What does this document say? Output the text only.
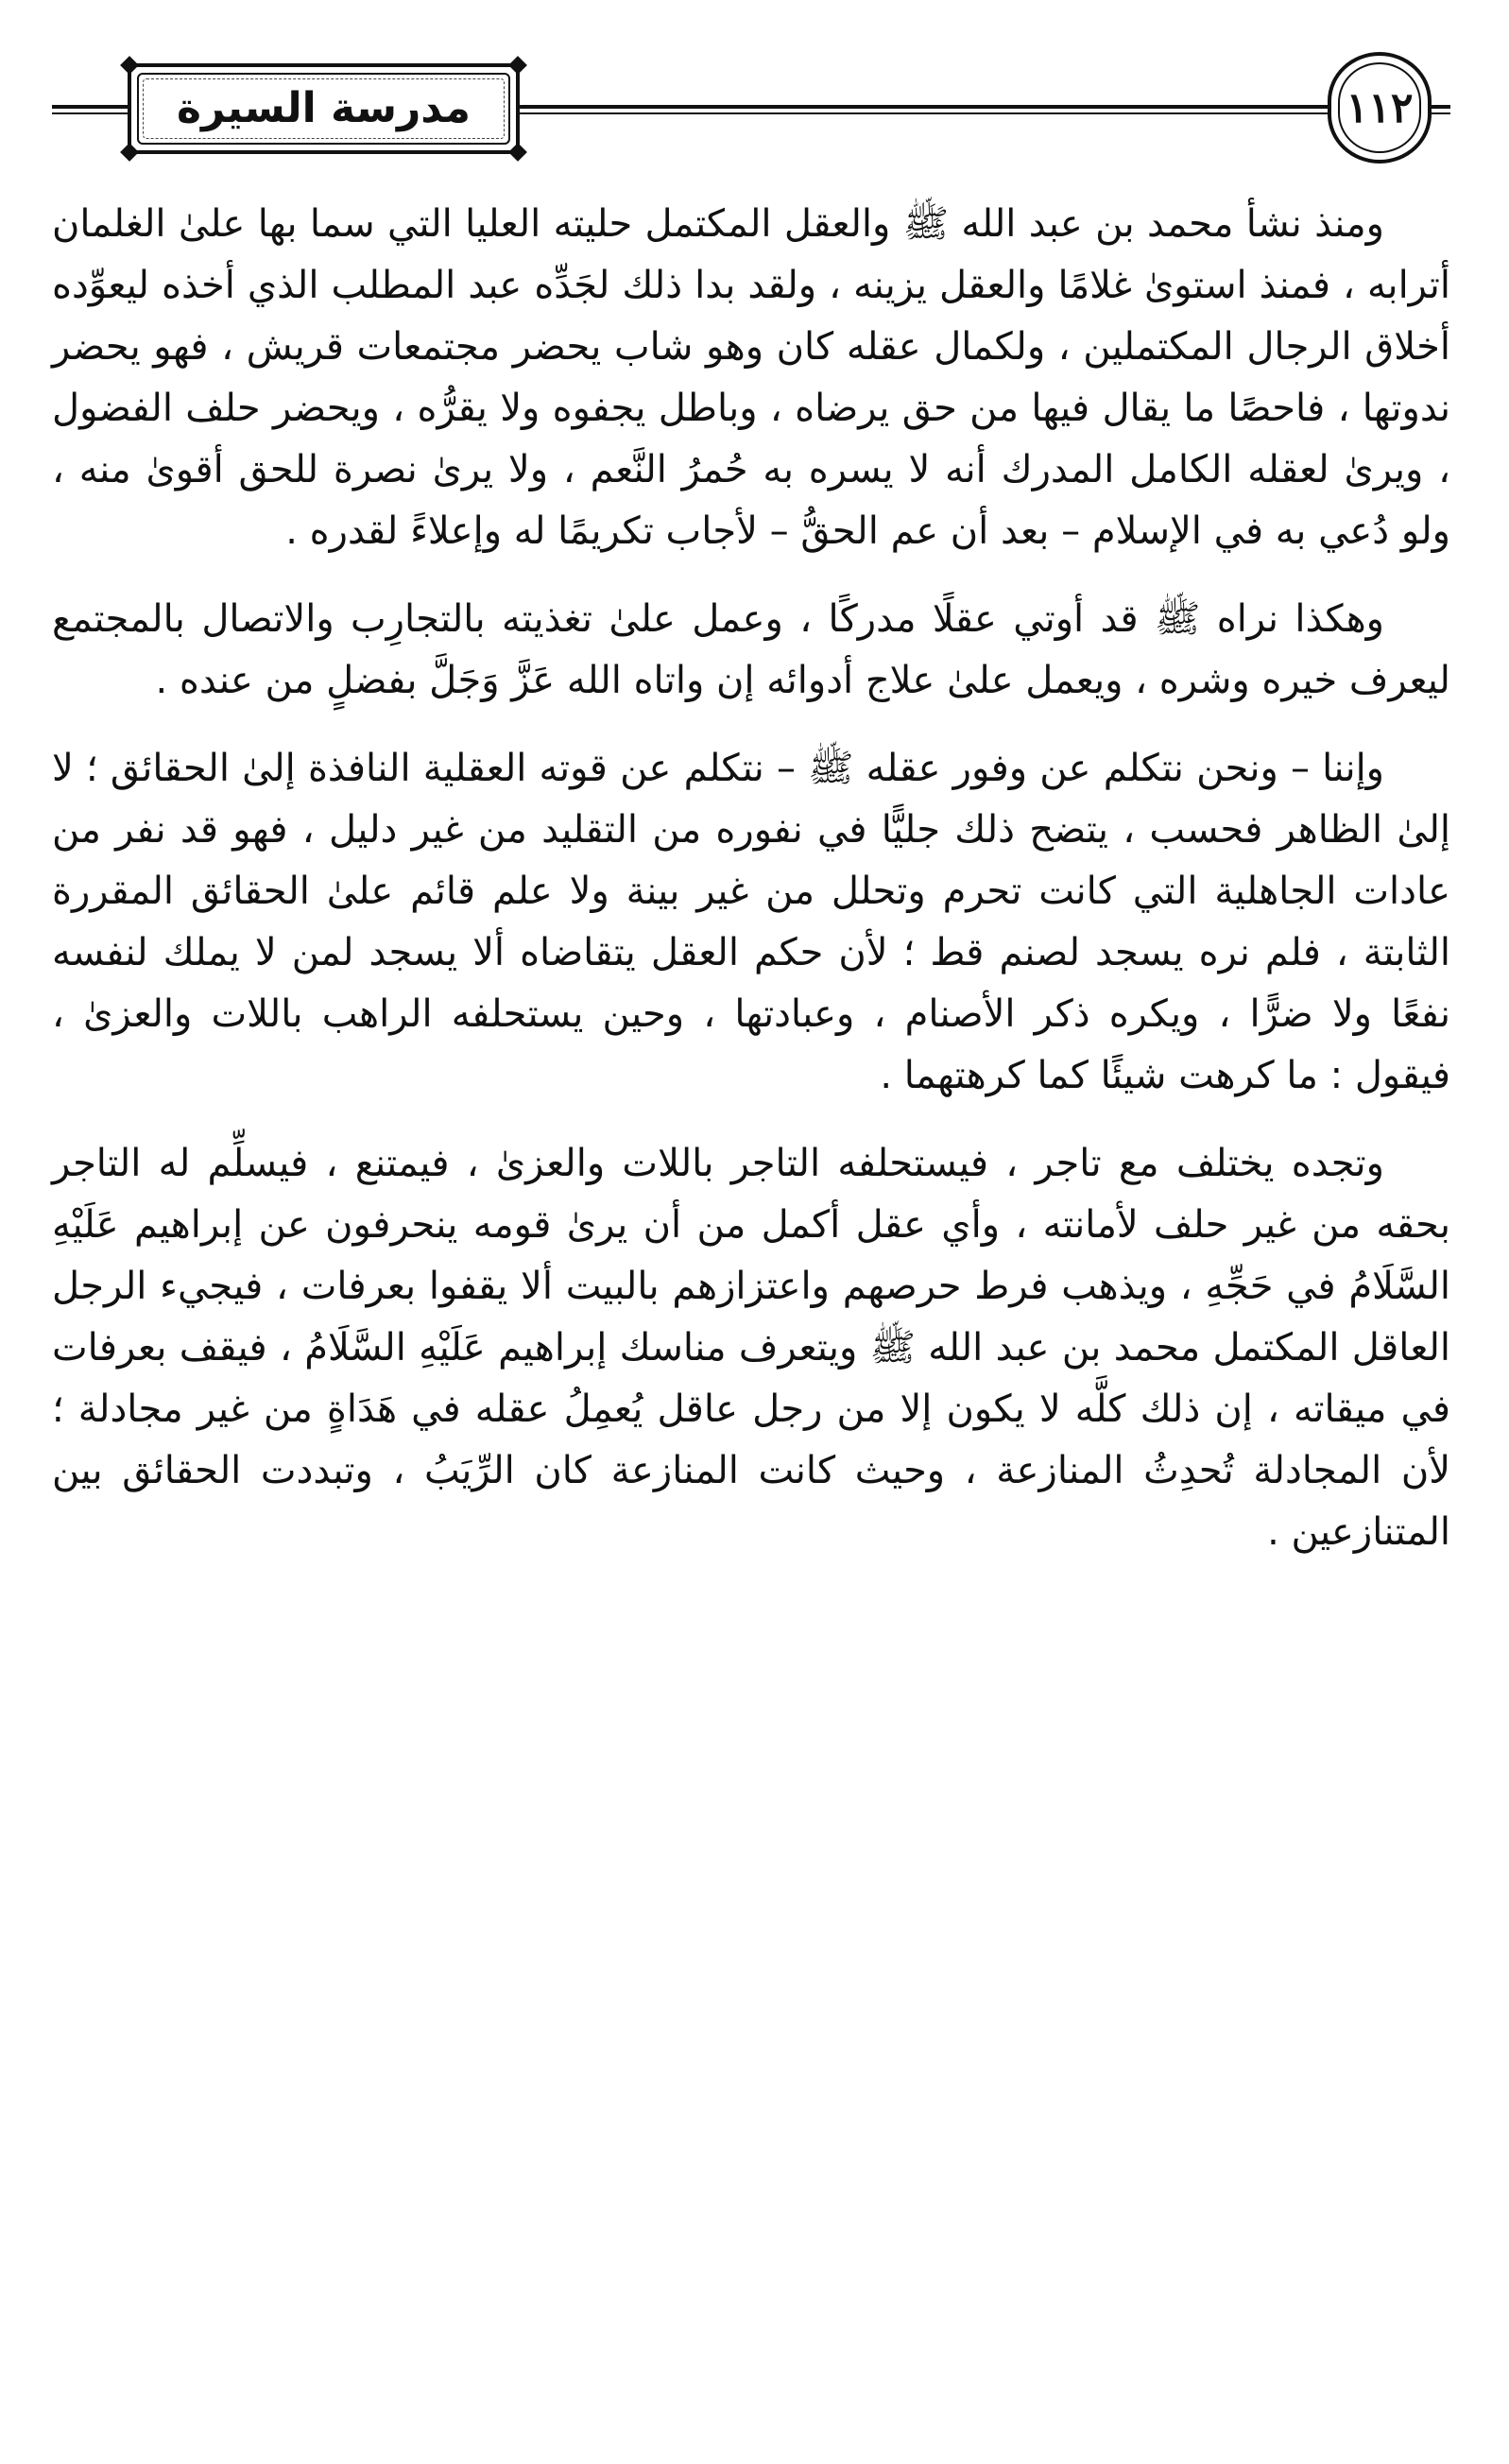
مدرسة السيرة	١١٢

ومنذ نشأ محمد بن عبد الله ﷺ والعقل المكتمل حليته العليا التي سما بها علىٰ الغلمان أترابه ، فمنذ استوىٰ غلامًا والعقل يزينه ، ولقد بدا ذلك لجَدِّه عبد المطلب الذي أخذه ليعوِّده أخلاق الرجال المكتملين ، ولكمال عقله كان وهو شاب يحضر مجتمعات قريش ، فهو يحضر ندوتها ، فاحصًا ما يقال فيها من حق يرضاه ، وباطل يجفوه ولا يقرُّه ، ويحضر حلف الفضول ، ويرىٰ لعقله الكامل المدرك أنه لا يسره به حُمرُ النَّعم ، ولا يرىٰ نصرة للحق أقوىٰ منه ، ولو دُعي به في الإسلام – بعد أن عم الحقُّ – لأجاب تكريمًا له وإعلاءً لقدره .

وهكذا نراه ﷺ قد أوتي عقلًا مدركًا ، وعمل علىٰ تغذيته بالتجارِب والاتصال بالمجتمع ليعرف خيره وشره ، ويعمل علىٰ علاج أدوائه إن واتاه الله عَزَّ وَجَلَّ بفضلٍ من عنده .

وإننا – ونحن نتكلم عن وفور عقله ﷺ – نتكلم عن قوته العقلية النافذة إلىٰ الحقائق ؛ لا إلىٰ الظاهر فحسب ، يتضح ذلك جليًّا في نفوره من التقليد من غير دليل ، فهو قد نفر من عادات الجاهلية التي كانت تحرم وتحلل من غير بينة ولا علم قائم علىٰ الحقائق المقررة الثابتة ، فلم نره يسجد لصنم قط ؛ لأن حكم العقل يتقاضاه ألا يسجد لمن لا يملك لنفسه نفعًا ولا ضرًّا ، ويكره ذكر الأصنام ، وعبادتها ، وحين يستحلفه الراهب باللات والعزىٰ ، فيقول : ما كرهت شيئًا كما كرهتهما .

وتجده يختلف مع تاجر ، فيستحلفه التاجر باللات والعزىٰ ، فيمتنع ، فيسلِّم له التاجر بحقه من غير حلف لأمانته ، وأي عقل أكمل من أن يرىٰ قومه ينحرفون عن إبراهيم عَلَيْهِ السَّلَامُ في حَجِّهِ ، ويذهب فرط حرصهم واعتزازهم بالبيت ألا يقفوا بعرفات ، فيجيء الرجل العاقل المكتمل محمد بن عبد الله ﷺ ويتعرف مناسك إبراهيم عَلَيْهِ السَّلَامُ ، فيقف بعرفات في ميقاته ، إن ذلك كلَّه لا يكون إلا من رجل عاقل يُعمِلُ عقله في هَدَاةٍ من غير مجادلة ؛ لأن المجادلة تُحدِثُ المنازعة ، وحيث كانت المنازعة كان الرِّيَبُ ، وتبددت الحقائق بين المتنازعين .
